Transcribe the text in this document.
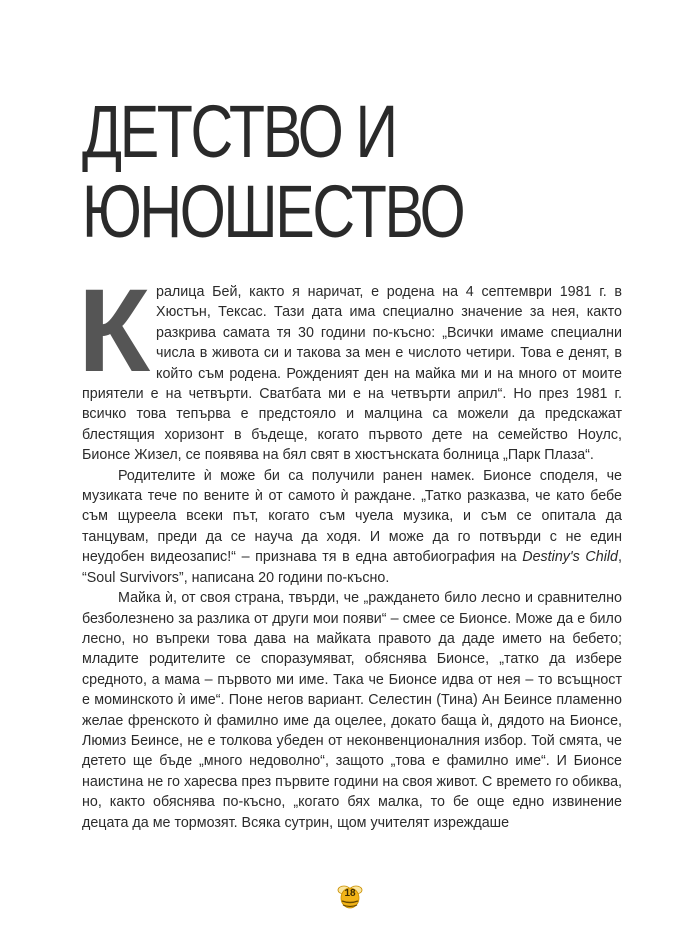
ДЕТСТВО И
ЮНОШЕСТВО

Кралица Бей, както я наричат, е родена на 4 септември 1981 г. в Хюстън, Тексас. Тази дата има специално значение за нея, както разкрива самата тя 30 години по-късно: „Всички имаме специални числа в живота си и такова за мен е числото четири. Това е денят, в който съм родена. Рожденият ден на майка ми и на много от моите приятели е на четвърти. Сватбата ми е на четвърти април“. Но през 1981 г. всичко това тепърва е предстояло и малцина са можели да предскажат блестящия хоризонт в бъдеще, когато първото дете на семейство Ноулс, Бионсе Жизел, се появява на бял свят в хюстънската болница „Парк Плаза“.

Родителите ѝ може би са получили ранен намек. Бионсе споделя, че музиката тече по вените ѝ от самото ѝ раждане. „Татко разказва, че като бебе съм щуреела всеки път, когато съм чуела музика, и съм се опитала да танцувам, преди да се науча да ходя. И може да го потвърди с не един неудобен видеозапис!“ – признава тя в една автобиография на Destiny's Child, “Soul Survivors”, написана 20 години по-късно.

Майка ѝ, от своя страна, твърди, че „раждането било лесно и сравнително безболезнено за разлика от други мои появи“ – смее се Бионсе. Може да е било лесно, но въпреки това дава на майката правото да даде името на бебето; младите родителите се споразумяват, обяснява Бионсе, „татко да избере средното, а мама – първото ми име. Така че Бионсе идва от нея – то всъщност е моминското ѝ име“. Поне негов вариант. Селестин (Тина) Ан Беинсе пламенно желае френското ѝ фамилно име да оцелее, докато баща ѝ, дядото на Бионсе, Люмиз Беинсе, не е толкова убеден от неконвенционалния избор. Той смята, че детето ще бъде „много недоволно“, защото „това е фамилно име“. И Бионсе наистина не го харесва през първите години на своя живот. С времето го обиква, но, както обяснява по-късно, „когато бях малка, то бе още едно извинение децата да ме тормозят. Всяка сутрин, щом учителят изреждаше

18
